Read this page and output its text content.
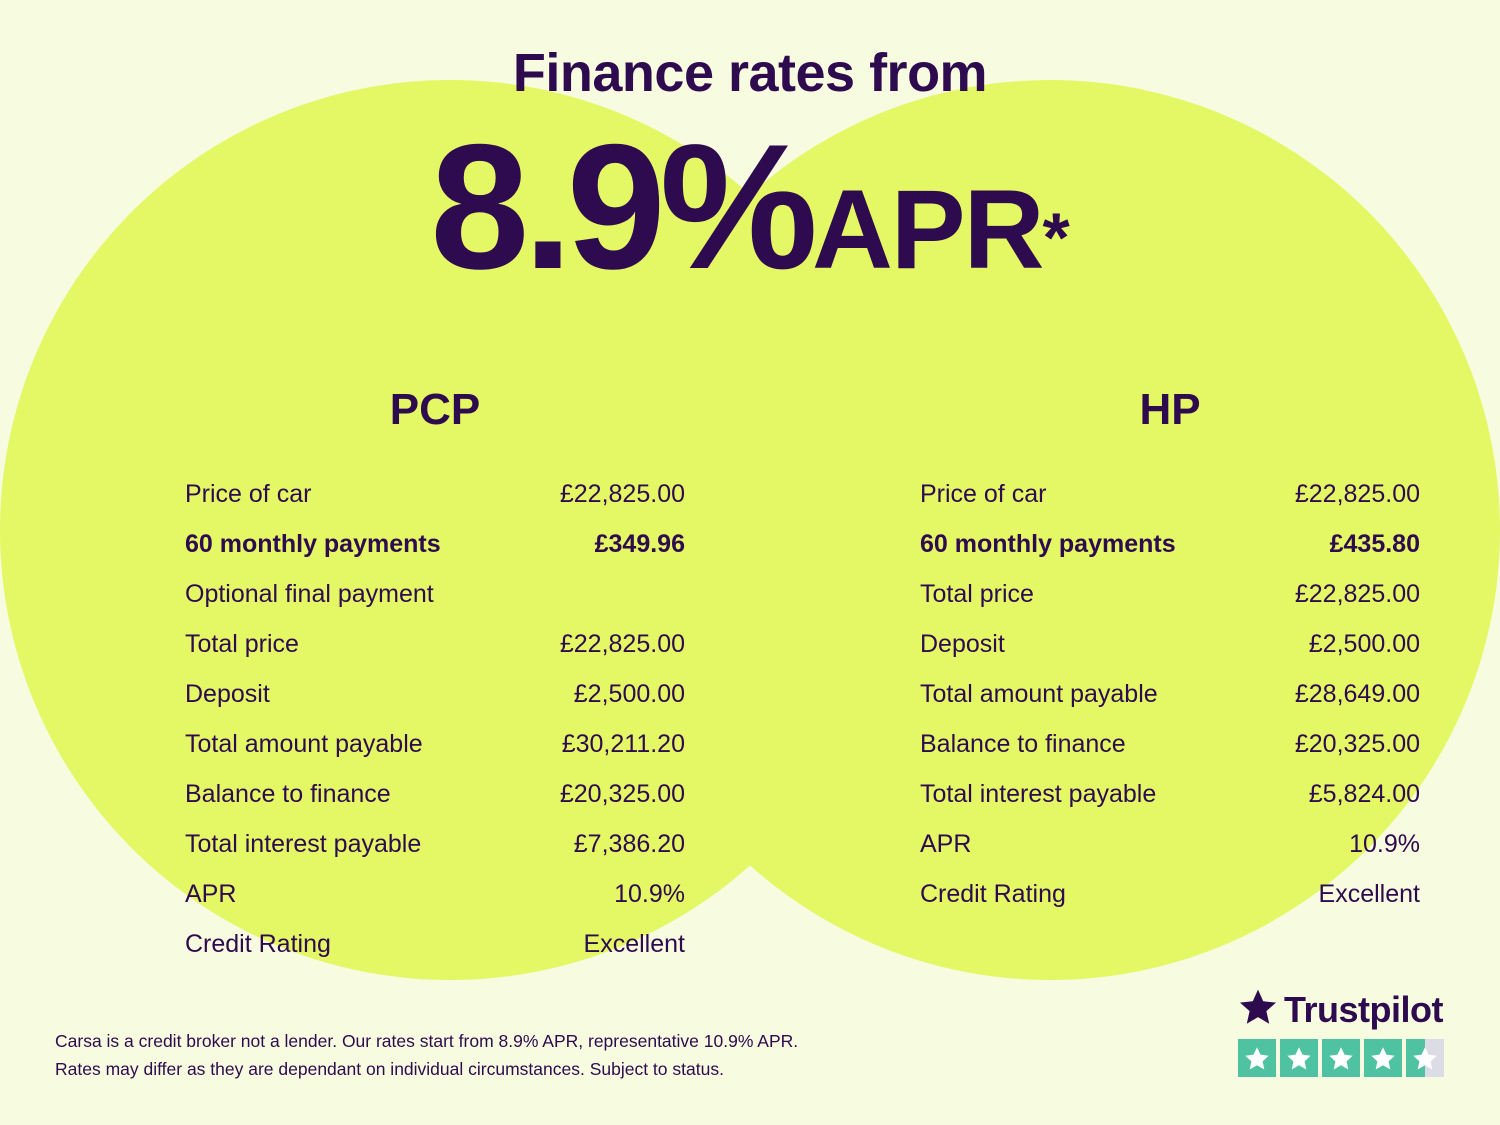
Finance rates from
8.9%APR*
PCP
Price of car	£22,825.00
60 monthly payments	£349.96
Optional final payment
Total price	£22,825.00
Deposit	£2,500.00
Total amount payable	£30,211.20
Balance to finance	£20,325.00
Total interest payable	£7,386.20
APR	10.9%
Credit Rating	Excellent
HP
Price of car	£22,825.00
60 monthly payments	£435.80
Total price	£22,825.00
Deposit	£2,500.00
Total amount payable	£28,649.00
Balance to finance	£20,325.00
Total interest payable	£5,824.00
APR	10.9%
Credit Rating	Excellent
Carsa is a credit broker not a lender. Our rates start from 8.9% APR, representative 10.9% APR.
Rates may differ as they are dependant on individual circumstances. Subject to status.
Trustpilot
